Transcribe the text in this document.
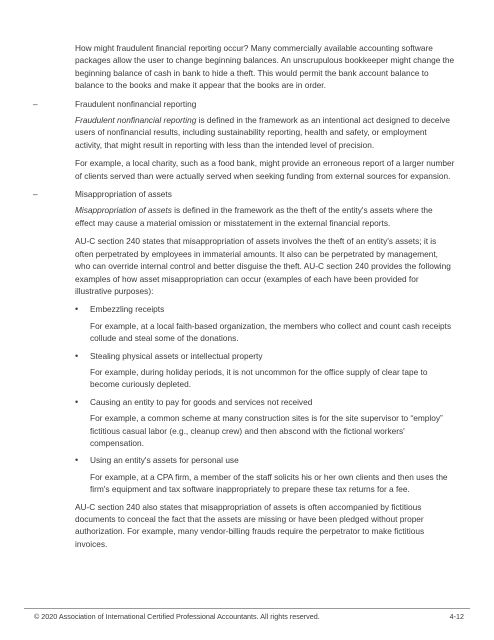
How might fraudulent financial reporting occur? Many commercially available accounting software packages allow the user to change beginning balances. An unscrupulous bookkeeper might change the beginning balance of cash in bank to hide a theft. This would permit the bank account balance to balance to the books and make it appear that the books are in order.

–	Fraudulent nonfinancial reporting

Fraudulent nonfinancial reporting is defined in the framework as an intentional act designed to deceive users of nonfinancial results, including sustainability reporting, health and safety, or employment activity, that might result in reporting with less than the intended level of precision.

For example, a local charity, such as a food bank, might provide an erroneous report of a larger number of clients served than were actually served when seeking funding from external sources for expansion.

–	Misappropriation of assets

Misappropriation of assets is defined in the framework as the theft of the entity's assets where the effect may cause a material omission or misstatement in the external financial reports.

AU-C section 240 states that misappropriation of assets involves the theft of an entity's assets; it is often perpetrated by employees in immaterial amounts. It also can be perpetrated by management, who can override internal control and better disguise the theft. AU-C section 240 provides the following examples of how asset misappropriation can occur (examples of each have been provided for illustrative purposes):

• Embezzling receipts

For example, at a local faith-based organization, the members who collect and count cash receipts collude and steal some of the donations.

• Stealing physical assets or intellectual property

For example, during holiday periods, it is not uncommon for the office supply of clear tape to become curiously depleted.

• Causing an entity to pay for goods and services not received

For example, a common scheme at many construction sites is for the site supervisor to “employ” fictitious casual labor (e.g., cleanup crew) and then abscond with the fictional workers' compensation.

• Using an entity's assets for personal use

For example, at a CPA firm, a member of the staff solicits his or her own clients and then uses the firm's equipment and tax software inappropriately to prepare these tax returns for a fee.

AU-C section 240 also states that misappropriation of assets is often accompanied by fictitious documents to conceal the fact that the assets are missing or have been pledged without proper authorization. For example, many vendor-billing frauds require the perpetrator to make fictitious invoices.

© 2020 Association of International Certified Professional Accountants. All rights reserved.	4-12
